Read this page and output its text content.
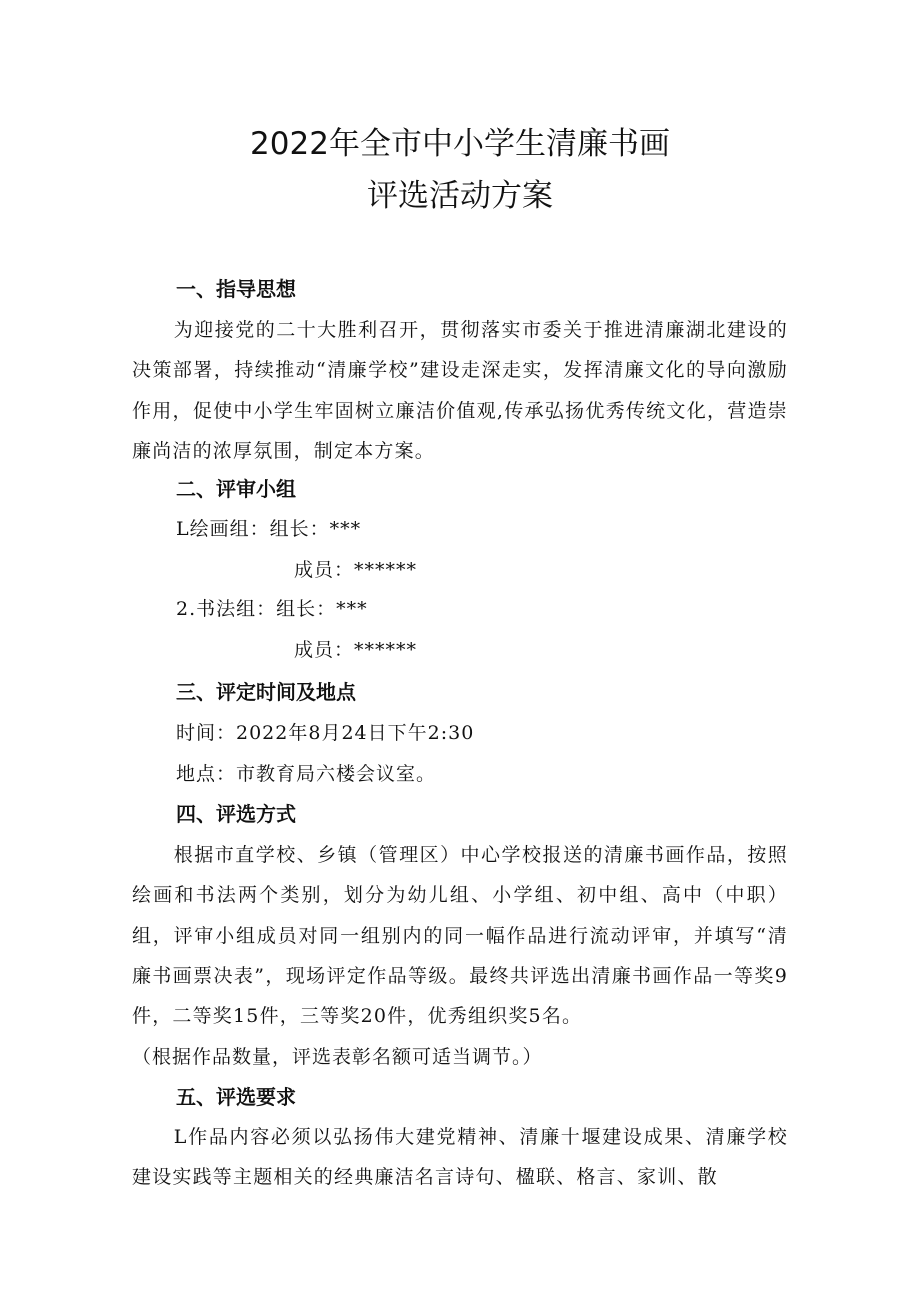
2022年全市中小学生清廉书画
评选活动方案
一、指导思想
为迎接党的二十大胜利召开，贯彻落实市委关于推进清廉湖北建设的决策部署，持续推动“清廉学校”建设走深走实，发挥清廉文化的导向激励作用，促使中小学生牢固树立廉洁价值观,传承弘扬优秀传统文化，营造崇廉尚洁的浓厚氛围，制定本方案。
二、评审小组
L绘画组：组长：***
成员：******
2.书法组：组长：***
成员：******
三、评定时间及地点
时间：2022年8月24日下午2:30
地点：市教育局六楼会议室。
四、评选方式
根据市直学校、乡镇（管理区）中心学校报送的清廉书画作品，按照绘画和书法两个类别，划分为幼儿组、小学组、初中组、高中（中职）组，评审小组成员对同一组别内的同一幅作品进行流动评审，并填写“清廉书画票决表”，现场评定作品等级。最终共评选出清廉书画作品一等奖9件，二等奖15件，三等奖20件，优秀组织奖5名。
（根据作品数量，评选表彰名额可适当调节。）
五、评选要求
L作品内容必须以弘扬伟大建党精神、清廉十堰建设成果、清廉学校建设实践等主题相关的经典廉洁名言诗句、楹联、格言、家训、散
